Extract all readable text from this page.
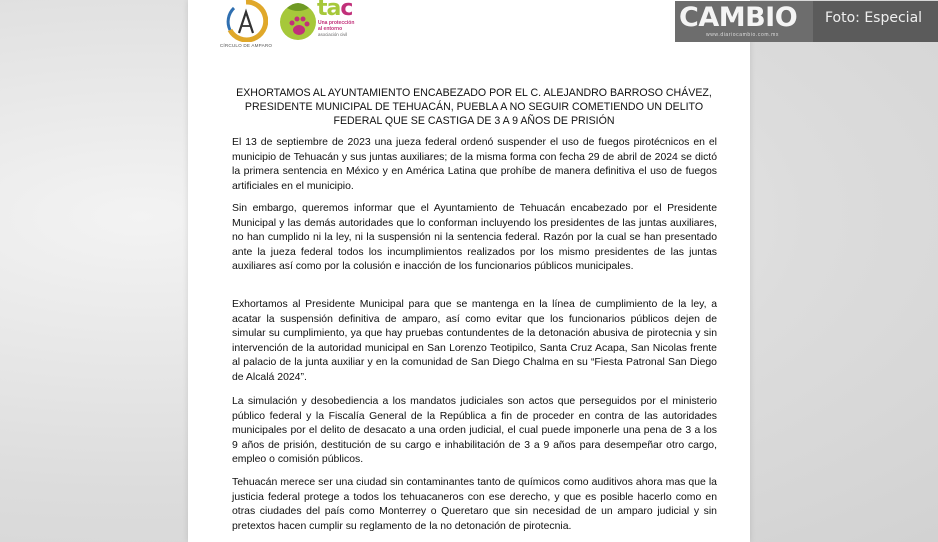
CÍRCULO DE AMPARO
tac
Una protección
al entorno
asociación civil
EXHORTAMOS AL AYUNTAMIENTO ENCABEZADO POR EL C. ALEJANDRO BARROSO CHÁVEZ,
PRESIDENTE MUNICIPAL DE TEHUACÁN, PUEBLA A NO SEGUIR COMETIENDO UN DELITO
FEDERAL QUE SE CASTIGA DE 3 A 9 AÑOS DE PRISIÓN
El 13 de septiembre de 2023 una jueza federal ordenó suspender el uso de fuegos pirotécnicos en el municipio de Tehuacán y sus juntas auxiliares; de la misma forma con fecha 29 de abril de 2024 se dictó la primera sentencia en México y en América Latina que prohíbe de manera definitiva el uso de fuegos artificiales en el municipio.
Sin embargo, queremos informar que el Ayuntamiento de Tehuacán encabezado por el Presidente Municipal y las demás autoridades que lo conforman incluyendo los presidentes de las juntas auxiliares, no han cumplido ni la ley, ni la suspensión ni la sentencia federal. Razón por la cual se han presentado ante la jueza federal todos los incumplimientos realizados por los mismo presidentes de las juntas auxiliares así como por la colusión e inacción de los funcionarios públicos municipales.
Exhortamos al Presidente Municipal para que se mantenga en la línea de cumplimiento de la ley, a acatar la suspensión definitiva de amparo, así como evitar que los funcionarios públicos dejen de simular su cumplimiento, ya que hay pruebas contundentes de la detonación abusiva de pirotecnia y sin intervención de la autoridad municipal en San Lorenzo Teotipilco, Santa Cruz Acapa, San Nicolas frente al palacio de la junta auxiliar y en la comunidad de San Diego Chalma en su “Fiesta Patronal San Diego de Alcalá 2024”.
La simulación y desobediencia a los mandatos judiciales son actos que perseguidos por el ministerio público federal y la Fiscalía General de la República a fin de proceder en contra de las autoridades municipales por el delito de desacato a una orden judicial, el cual puede imponerle una pena de 3 a los 9 años de prisión, destitución de su cargo e inhabilitación de 3 a 9 años para desempeñar otro cargo, empleo o comisión públicos.
Tehuacán merece ser una ciudad sin contaminantes tanto de químicos como auditivos ahora mas que la justicia federal protege a todos los tehuacaneros con ese derecho, y que es posible hacerlo como en otras ciudades del país como Monterrey o Queretaro que sin necesidad de un amparo judicial y sin pretextos hacen cumplir su reglamento de la no detonación de pirotecnia.
CAMBIO
www.diariocambio.com.mx
Foto: Especial
